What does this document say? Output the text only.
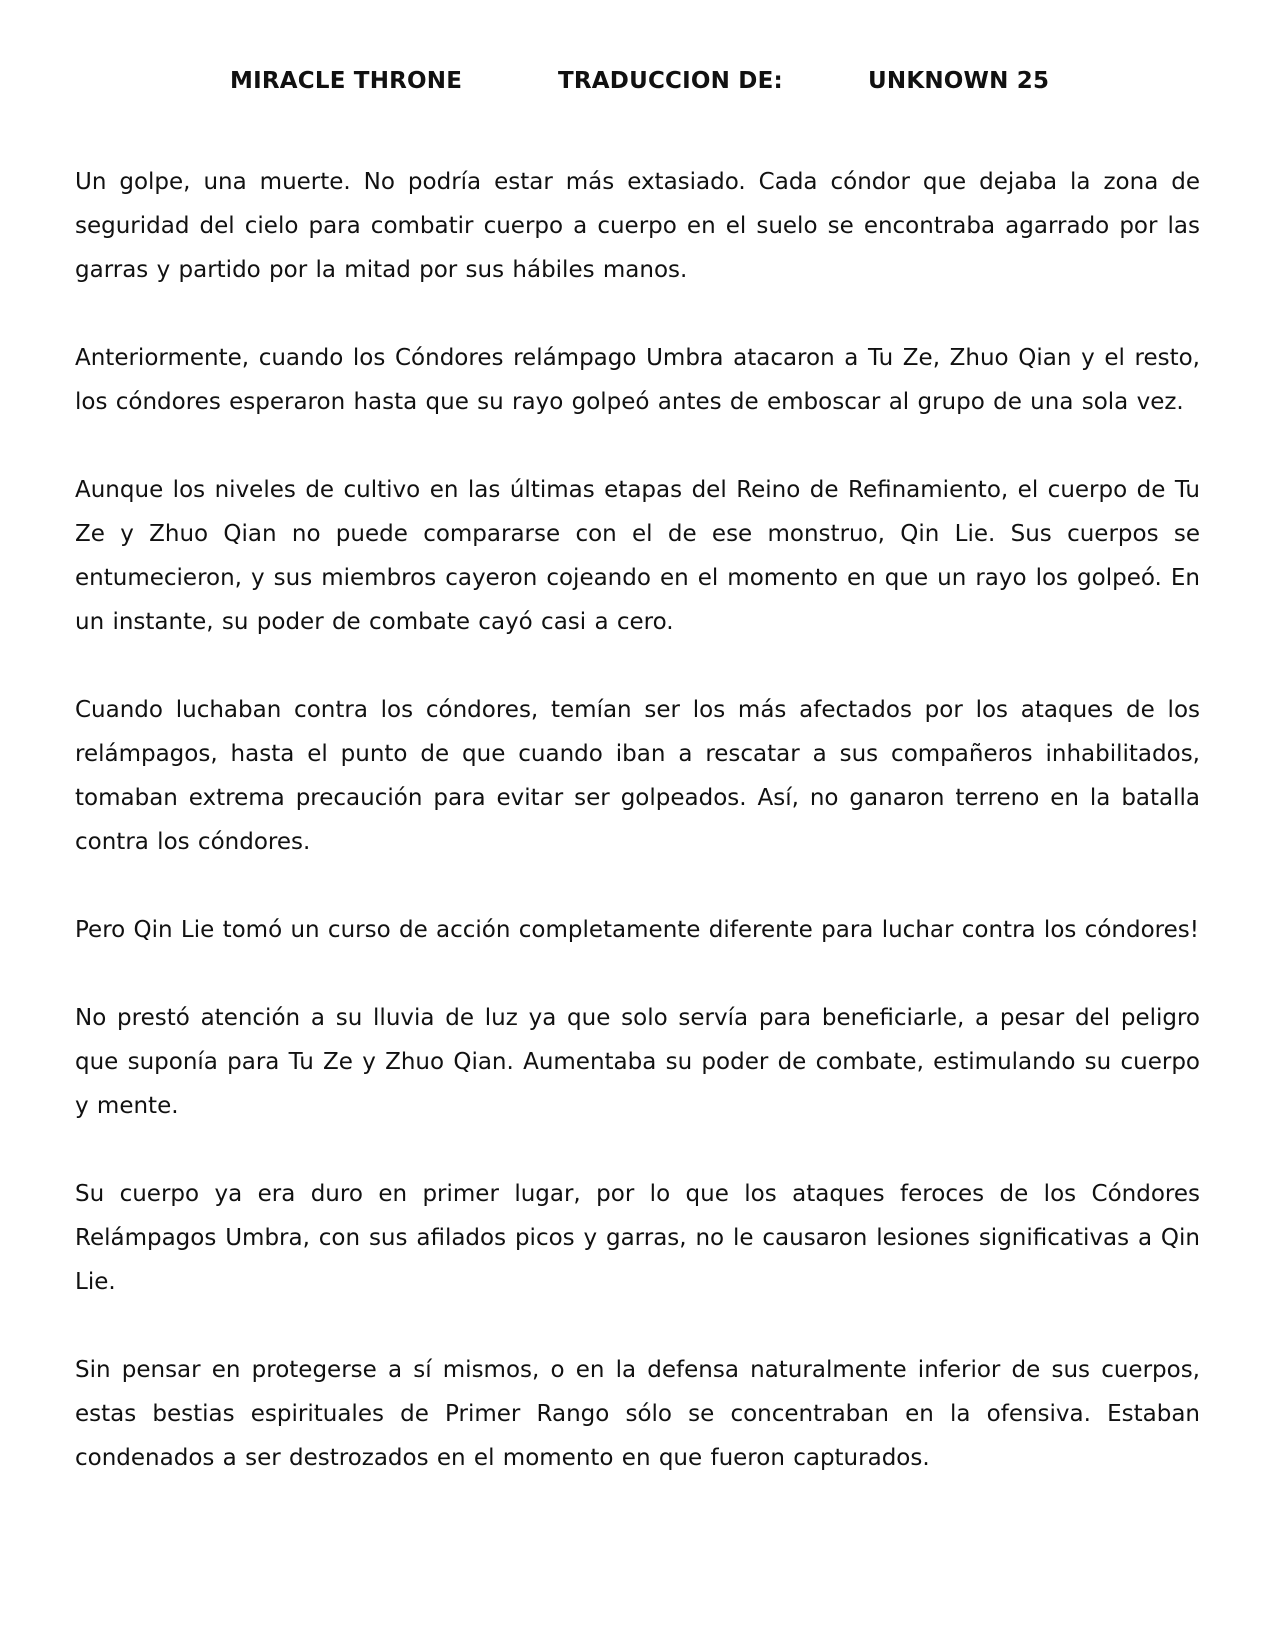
MIRACLE THRONE	TRADUCCION DE:	UNKNOWN 25

Un golpe, una muerte. No podría estar más extasiado. Cada cóndor que dejaba la zona de seguridad del cielo para combatir cuerpo a cuerpo en el suelo se encontraba agarrado por las garras y partido por la mitad por sus hábiles manos.

Anteriormente, cuando los Cóndores relámpago Umbra atacaron a Tu Ze, Zhuo Qian y el resto, los cóndores esperaron hasta que su rayo golpeó antes de emboscar al grupo de una sola vez.

Aunque los niveles de cultivo en las últimas etapas del Reino de Refinamiento, el cuerpo de Tu Ze y Zhuo Qian no puede compararse con el de ese monstruo, Qin Lie. Sus cuerpos se entumecieron, y sus miembros cayeron cojeando en el momento en que un rayo los golpeó. En un instante, su poder de combate cayó casi a cero.

Cuando luchaban contra los cóndores, temían ser los más afectados por los ataques de los relámpagos, hasta el punto de que cuando iban a rescatar a sus compañeros inhabilitados, tomaban extrema precaución para evitar ser golpeados. Así, no ganaron terreno en la batalla contra los cóndores.

Pero Qin Lie tomó un curso de acción completamente diferente para luchar contra los cóndores!

No prestó atención a su lluvia de luz ya que solo servía para beneficiarle, a pesar del peligro que suponía para Tu Ze y Zhuo Qian. Aumentaba su poder de combate, estimulando su cuerpo y mente.

Su cuerpo ya era duro en primer lugar, por lo que los ataques feroces de los Cóndores Relámpagos Umbra, con sus afilados picos y garras, no le causaron lesiones significativas a Qin Lie.

Sin pensar en protegerse a sí mismos, o en la defensa naturalmente inferior de sus cuerpos, estas bestias espirituales de Primer Rango sólo se concentraban en la ofensiva. Estaban condenados a ser destrozados en el momento en que fueron capturados.
